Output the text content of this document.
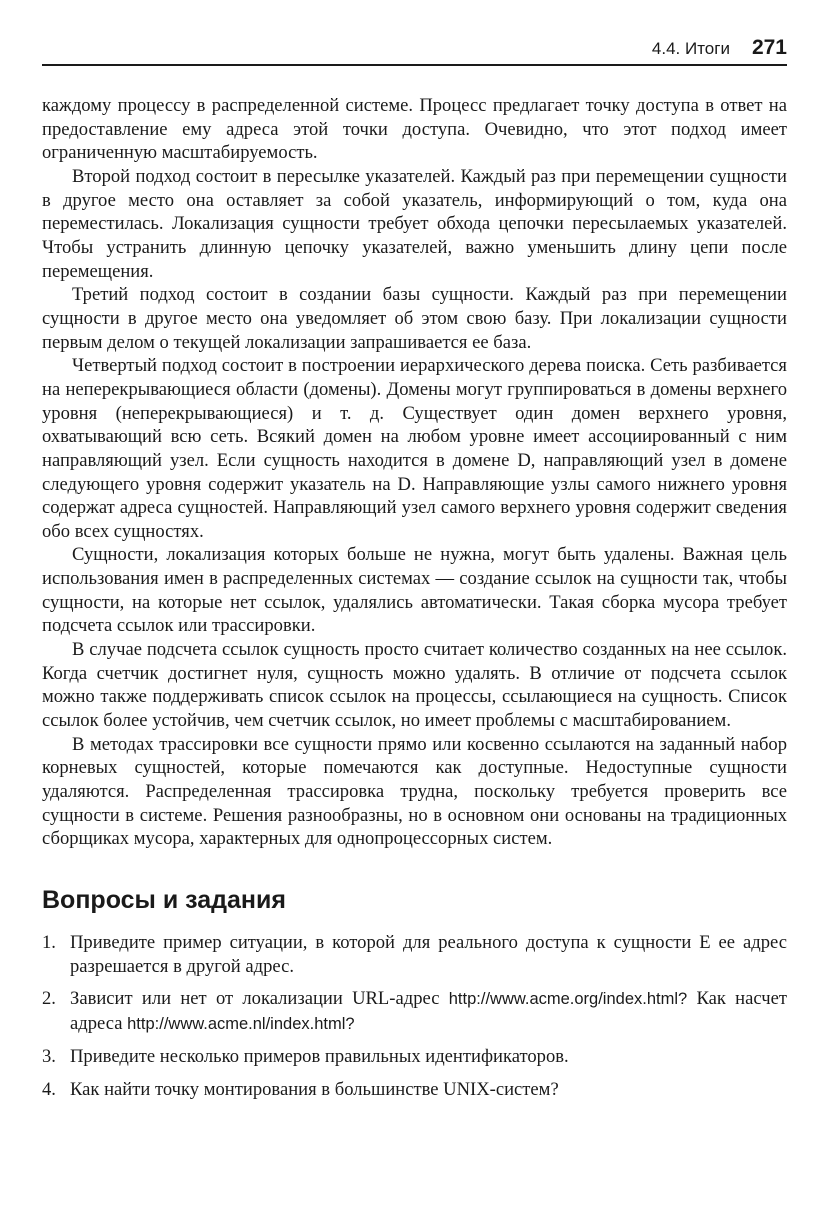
4.4. Итоги 271

каждому процессу в распределенной системе. Процесс предлагает точку доступа в ответ на предоставление ему адреса этой точки доступа. Очевидно, что этот подход имеет ограниченную масштабируемость.

Второй подход состоит в пересылке указателей. Каждый раз при перемещении сущности в другое место она оставляет за собой указатель, информирующий о том, куда она переместилась. Локализация сущности требует обхода цепочки пересылаемых указателей. Чтобы устранить длинную цепочку указателей, важно уменьшить длину цепи после перемещения.

Третий подход состоит в создании базы сущности. Каждый раз при перемещении сущности в другое место она уведомляет об этом свою базу. При локализации сущности первым делом о текущей локализации запрашивается ее база.

Четвертый подход состоит в построении иерархического дерева поиска. Сеть разбивается на неперекрывающиеся области (домены). Домены могут группироваться в домены верхнего уровня (неперекрывающиеся) и т. д. Существует один домен верхнего уровня, охватывающий всю сеть. Всякий домен на любом уровне имеет ассоциированный с ним направляющий узел. Если сущность находится в домене D, направляющий узел в домене следующего уровня содержит указатель на D. Направляющие узлы самого нижнего уровня содержат адреса сущностей. Направляющий узел самого верхнего уровня содержит сведения обо всех сущностях.

Сущности, локализация которых больше не нужна, могут быть удалены. Важная цель использования имен в распределенных системах — создание ссылок на сущности так, чтобы сущности, на которые нет ссылок, удалялись автоматически. Такая сборка мусора требует подсчета ссылок или трассировки.

В случае подсчета ссылок сущность просто считает количество созданных на нее ссылок. Когда счетчик достигнет нуля, сущность можно удалять. В отличие от подсчета ссылок можно также поддерживать список ссылок на процессы, ссылающиеся на сущность. Список ссылок более устойчив, чем счетчик ссылок, но имеет проблемы с масштабированием.

В методах трассировки все сущности прямо или косвенно ссылаются на заданный набор корневых сущностей, которые помечаются как доступные. Недоступные сущности удаляются. Распределенная трассировка трудна, поскольку требуется проверить все сущности в системе. Решения разнообразны, но в основном они основаны на традиционных сборщиках мусора, характерных для однопроцессорных систем.

Вопросы и задания
1. Приведите пример ситуации, в которой для реального доступа к сущности E ее адрес разрешается в другой адрес.
2. Зависит или нет от локализации URL-адрес http://www.acme.org/index.html? Как насчет адреса http://www.acme.nl/index.html?
3. Приведите несколько примеров правильных идентификаторов.
4. Как найти точку монтирования в большинстве UNIX-систем?
